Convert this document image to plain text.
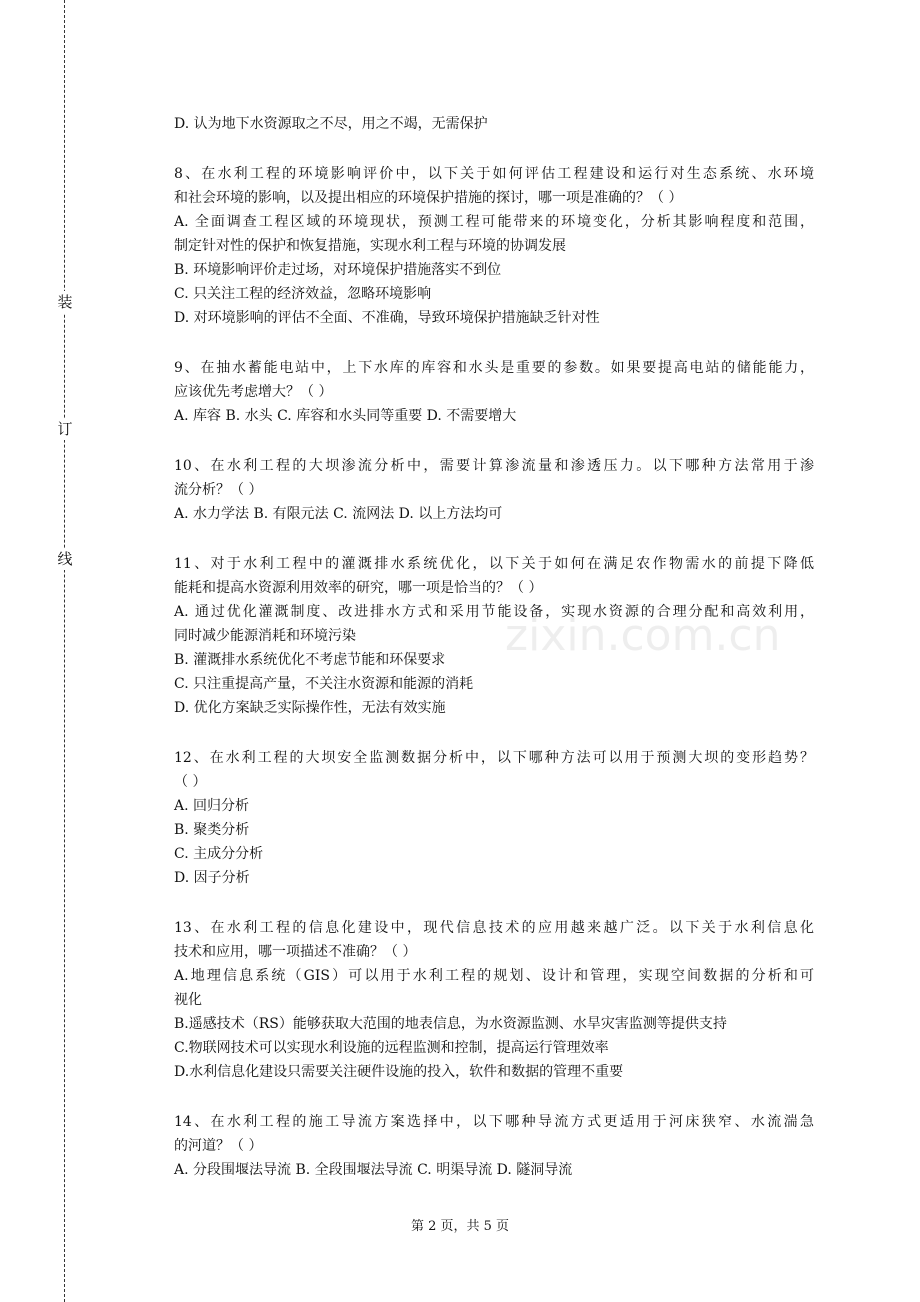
装
订
线
zixin.com.cn
D. 认为地下水资源取之不尽，用之不竭，无需保护
8、在水利工程的环境影响评价中，以下关于如何评估工程建设和运行对生态系统、水环境
和社会环境的影响，以及提出相应的环境保护措施的探讨，哪一项是准确的？（ ）
A. 全面调查工程区域的环境现状，预测工程可能带来的环境变化，分析其影响程度和范围，
制定针对性的保护和恢复措施，实现水利工程与环境的协调发展
B. 环境影响评价走过场，对环境保护措施落实不到位
C. 只关注工程的经济效益，忽略环境影响
D. 对环境影响的评估不全面、不准确，导致环境保护措施缺乏针对性
9、在抽水蓄能电站中，上下水库的库容和水头是重要的参数。如果要提高电站的储能能力，
应该优先考虑增大？（ ）
A. 库容 B. 水头 C. 库容和水头同等重要 D. 不需要增大
10、在水利工程的大坝渗流分析中，需要计算渗流量和渗透压力。以下哪种方法常用于渗
流分析？（ ）
A. 水力学法 B. 有限元法 C. 流网法 D. 以上方法均可
11、对于水利工程中的灌溉排水系统优化，以下关于如何在满足农作物需水的前提下降低
能耗和提高水资源利用效率的研究，哪一项是恰当的？（ ）
A. 通过优化灌溉制度、改进排水方式和采用节能设备，实现水资源的合理分配和高效利用，
同时减少能源消耗和环境污染
B. 灌溉排水系统优化不考虑节能和环保要求
C. 只注重提高产量，不关注水资源和能源的消耗
D. 优化方案缺乏实际操作性，无法有效实施
12、在水利工程的大坝安全监测数据分析中，以下哪种方法可以用于预测大坝的变形趋势？
（ ）
A. 回归分析
B. 聚类分析
C. 主成分分析
D. 因子分析
13、在水利工程的信息化建设中，现代信息技术的应用越来越广泛。以下关于水利信息化
技术和应用，哪一项描述不准确？（ ）
A.地理信息系统（GIS）可以用于水利工程的规划、设计和管理，实现空间数据的分析和可
视化
B.遥感技术（RS）能够获取大范围的地表信息，为水资源监测、水旱灾害监测等提供支持
C.物联网技术可以实现水利设施的远程监测和控制，提高运行管理效率
D.水利信息化建设只需要关注硬件设施的投入，软件和数据的管理不重要
14、在水利工程的施工导流方案选择中，以下哪种导流方式更适用于河床狭窄、水流湍急
的河道？（ ）
A. 分段围堰法导流 B. 全段围堰法导流 C. 明渠导流 D. 隧洞导流
第 2 页，共 5 页
